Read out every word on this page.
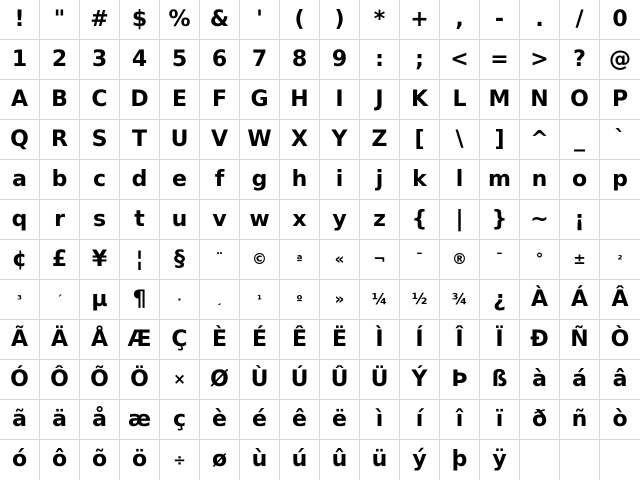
! " # $ % & ' ( ) * + , - . / 0
1 2 3 4 5 6 7 8 9 : ; < = > ? @
A B C D E F G H I J K L M N O P
Q R S T U V W X Y Z [ \ ] ^ _ `
a b c d e f g h i j k l m n o p
q r s t u v w x y z { | } ~ ¡
¢ £ ¥ ¦ § ¨ ©	ª « ¬ ¯ ® ¯ ° ±	²
³	´ µ ¶	·	¸	¹	º » ¼ ½ ¾ ¿ À Á Â
Ã Ä Å Æ Ç È É Ê Ë Ì Í Î Ï Ð Ñ Ò
Ó Ô Õ Ö × Ø Ù Ú Û Ü Ý Þ ß à á â
ã ä å æ ç è é ê ë ì í î ï ð ñ ò
ó ô õ ö ÷ ø ù ú û ü ý þ ÿ
